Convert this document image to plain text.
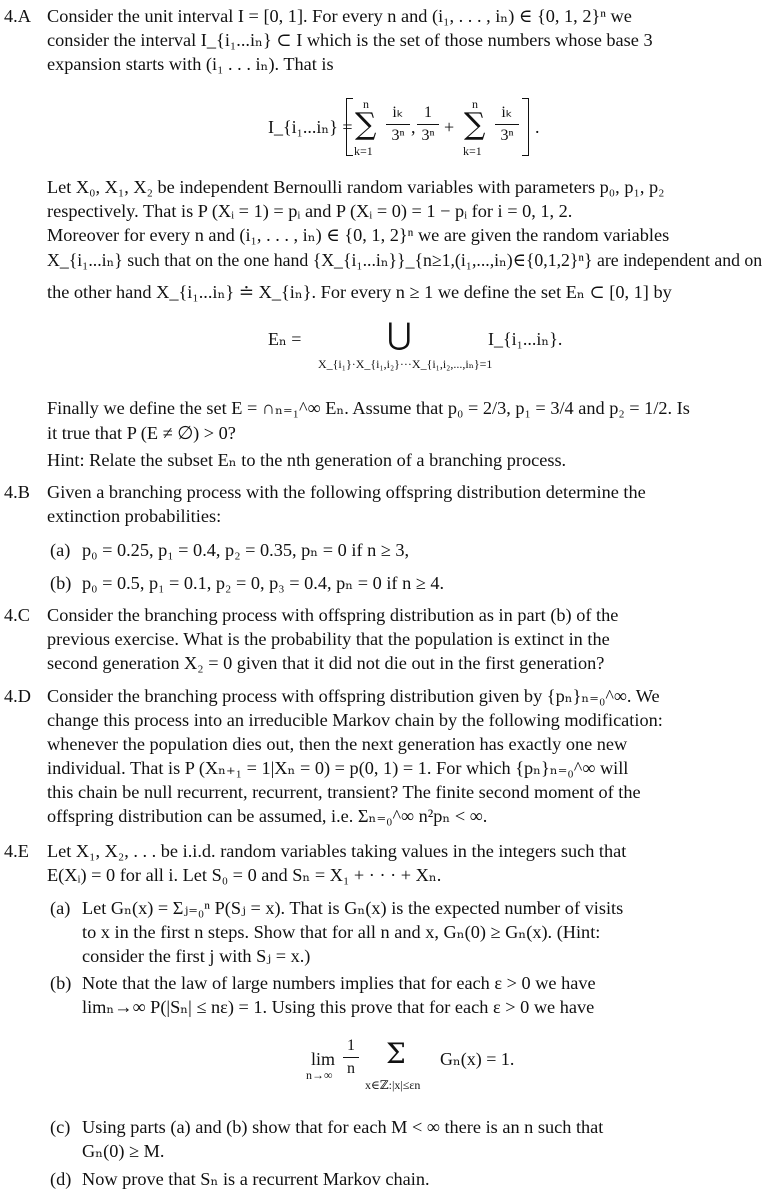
4.A Consider the unit interval I = [0, 1]. For every n and (i₁, . . . , iₙ) ∈ {0, 1, 2}ⁿ we
consider the interval I_{i₁...iₙ} ⊂ I which is the set of those numbers whose base 3
expansion starts with (i₁ . . . iₙ). That is
I_{i₁...iₙ} =
n
∑
k=1
iₖ
3ⁿ ,
1
3ⁿ +
n
∑
k=1
iₖ
3ⁿ	.
Let X₀, X₁, X₂ be independent Bernoulli random variables with parameters p₀, p₁, p₂
respectively. That is P (Xᵢ = 1) = pᵢ and P (Xᵢ = 0) = 1 − pᵢ for i = 0, 1, 2.
Moreover for every n and (i₁, . . . , iₙ) ∈ {0, 1, 2}ⁿ we are given the random variables
X_{i₁...iₙ} such that on the one hand {X_{i₁...iₙ}}_{n≥1,(i₁,...,iₙ)∈{0,1,2}ⁿ} are independent and on
the other hand X_{i₁...iₙ} ≐ X_{iₙ}. For every n ≥ 1 we define the set Eₙ ⊂ [0, 1] by
Eₙ =	⋃
X_{i₁}·X_{i₁,i₂}···X_{i₁,i₂,...,iₙ}=1
I_{i₁...iₙ}.
Finally we define the set E = ∩ₙ₌₁^∞ Eₙ. Assume that p₀ = 2/3, p₁ = 3/4 and p₂ = 1/2. Is
it true that P (E ≠ ∅) > 0?
Hint: Relate the subset Eₙ to the nth generation of a branching process.
4.B Given a branching process with the following offspring distribution determine the
extinction probabilities:
(a) p₀ = 0.25, p₁ = 0.4, p₂ = 0.35, pₙ = 0 if n ≥ 3,
(b) p₀ = 0.5, p₁ = 0.1, p₂ = 0, p₃ = 0.4, pₙ = 0 if n ≥ 4.
4.C Consider the branching process with offspring distribution as in part (b) of the
previous exercise. What is the probability that the population is extinct in the
second generation X₂ = 0 given that it did not die out in the first generation?
4.D Consider the branching process with offspring distribution given by {pₙ}ₙ₌₀^∞. We
change this process into an irreducible Markov chain by the following modification:
whenever the population dies out, then the next generation has exactly one new
individual. That is P (Xₙ₊₁ = 1|Xₙ = 0) = p(0, 1) = 1. For which {pₙ}ₙ₌₀^∞ will
this chain be null recurrent, recurrent, transient? The finite second moment of the
offspring distribution can be assumed, i.e. Σₙ₌₀^∞ n²pₙ < ∞.
4.E Let X₁, X₂, . . . be i.i.d. random variables taking values in the integers such that
E(Xᵢ) = 0 for all i. Let S₀ = 0 and Sₙ = X₁ + · · · + Xₙ.
(a) Let Gₙ(x) = Σⱼ₌₀ⁿ P(Sⱼ = x). That is Gₙ(x) is the expected number of visits
to x in the first n steps. Show that for all n and x, Gₙ(0) ≥ Gₙ(x). (Hint:
consider the first j with Sⱼ = x.)
(b) Note that the law of large numbers implies that for each ε > 0 we have
limₙ→∞ P(|Sₙ| ≤ nε) = 1. Using this prove that for each ε > 0 we have
lim
n→∞
1
n Σ
x∈ℤ:|x|≤εn
Gₙ(x) = 1.
(c) Using parts (a) and (b) show that for each M < ∞ there is an n such that
Gₙ(0) ≥ M.
(d) Now prove that Sₙ is a recurrent Markov chain.
